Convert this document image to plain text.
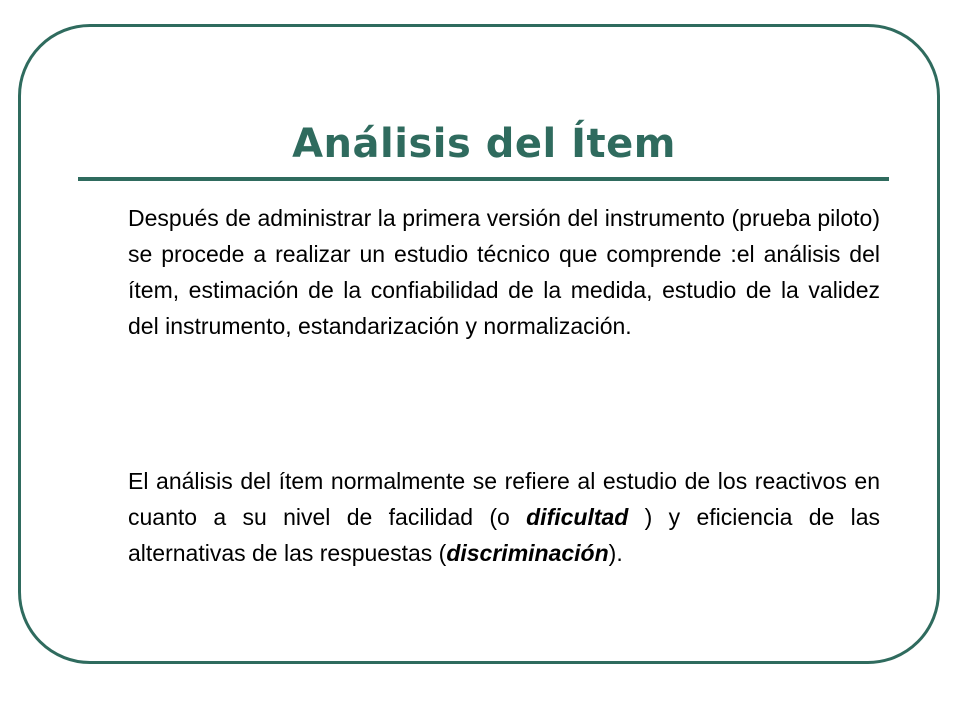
Análisis del Ítem
Después de administrar la primera versión del instrumento (prueba piloto) se procede a realizar un estudio técnico que comprende :el análisis del ítem, estimación de la confiabilidad de la medida, estudio de la validez del instrumento, estandarización y normalización.
El análisis del ítem normalmente se refiere al estudio de los reactivos en cuanto a su nivel de facilidad (o dificultad ) y eficiencia de las alternativas de las respuestas (discriminación).
